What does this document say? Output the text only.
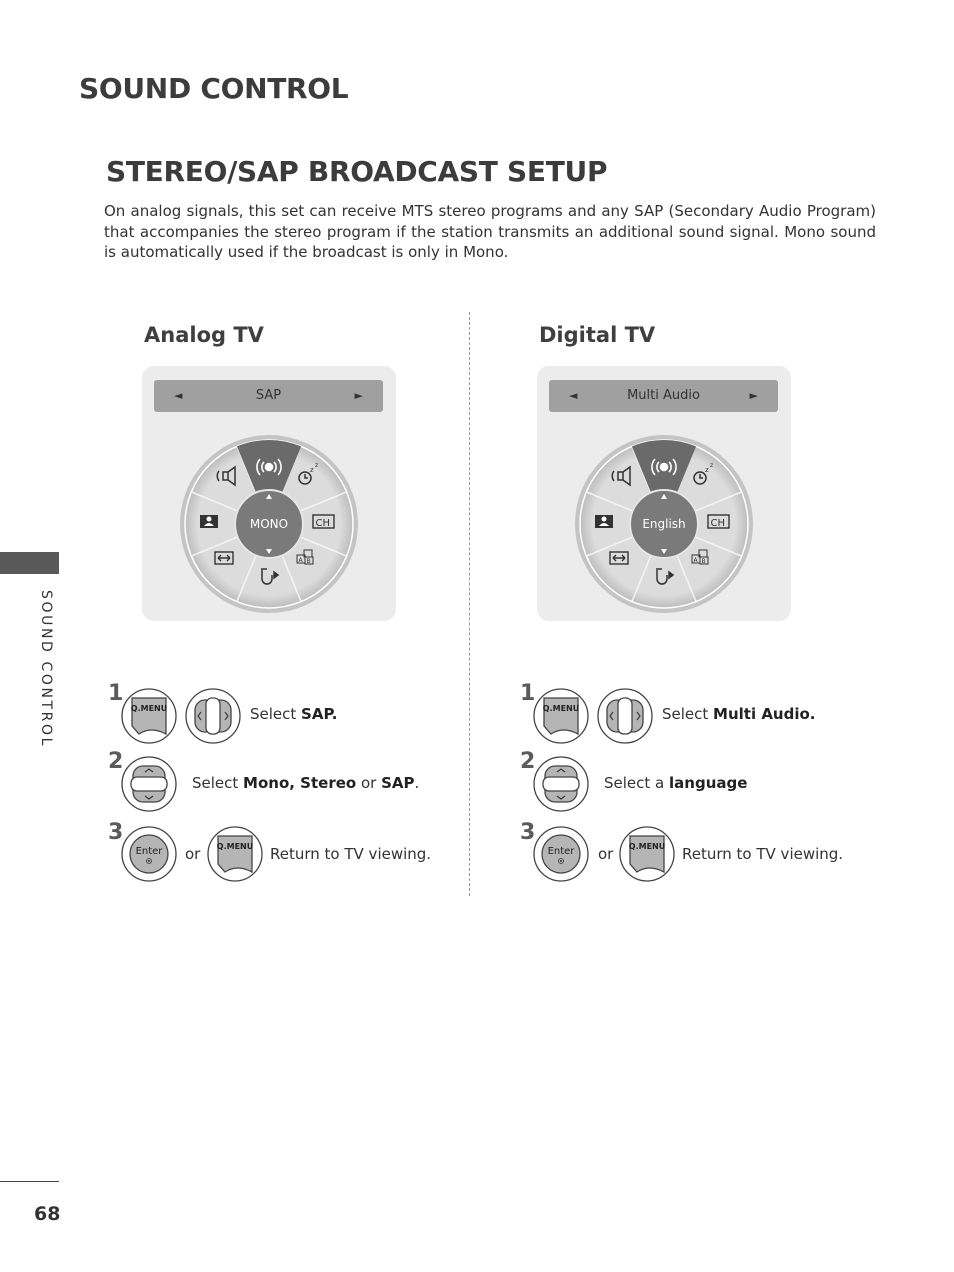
SOUND CONTROL
STEREO/SAP BROADCAST SETUP

On analog signals, this set can receive MTS stereo programs and any SAP (Secondary Audio Program) that accompanies the stereo program if the station transmits an additional sound signal. Mono sound is automatically used if the broadcast is only in Mono.

SOUND CONTROL
68
Analog TV
◄	SAP	►
z
z
CH
A B
MONO
1
Q.MENU	Select SAP.
2
Select Mono, Stereo or SAP.
3
Enter or Q.MENU Return to TV viewing.
Digital TV
◄	Multi Audio	►
z
z
CH
A B
English
1
Q.MENU	Select Multi Audio.
2
Select a language
3
Enter or Q.MENU Return to TV viewing.
